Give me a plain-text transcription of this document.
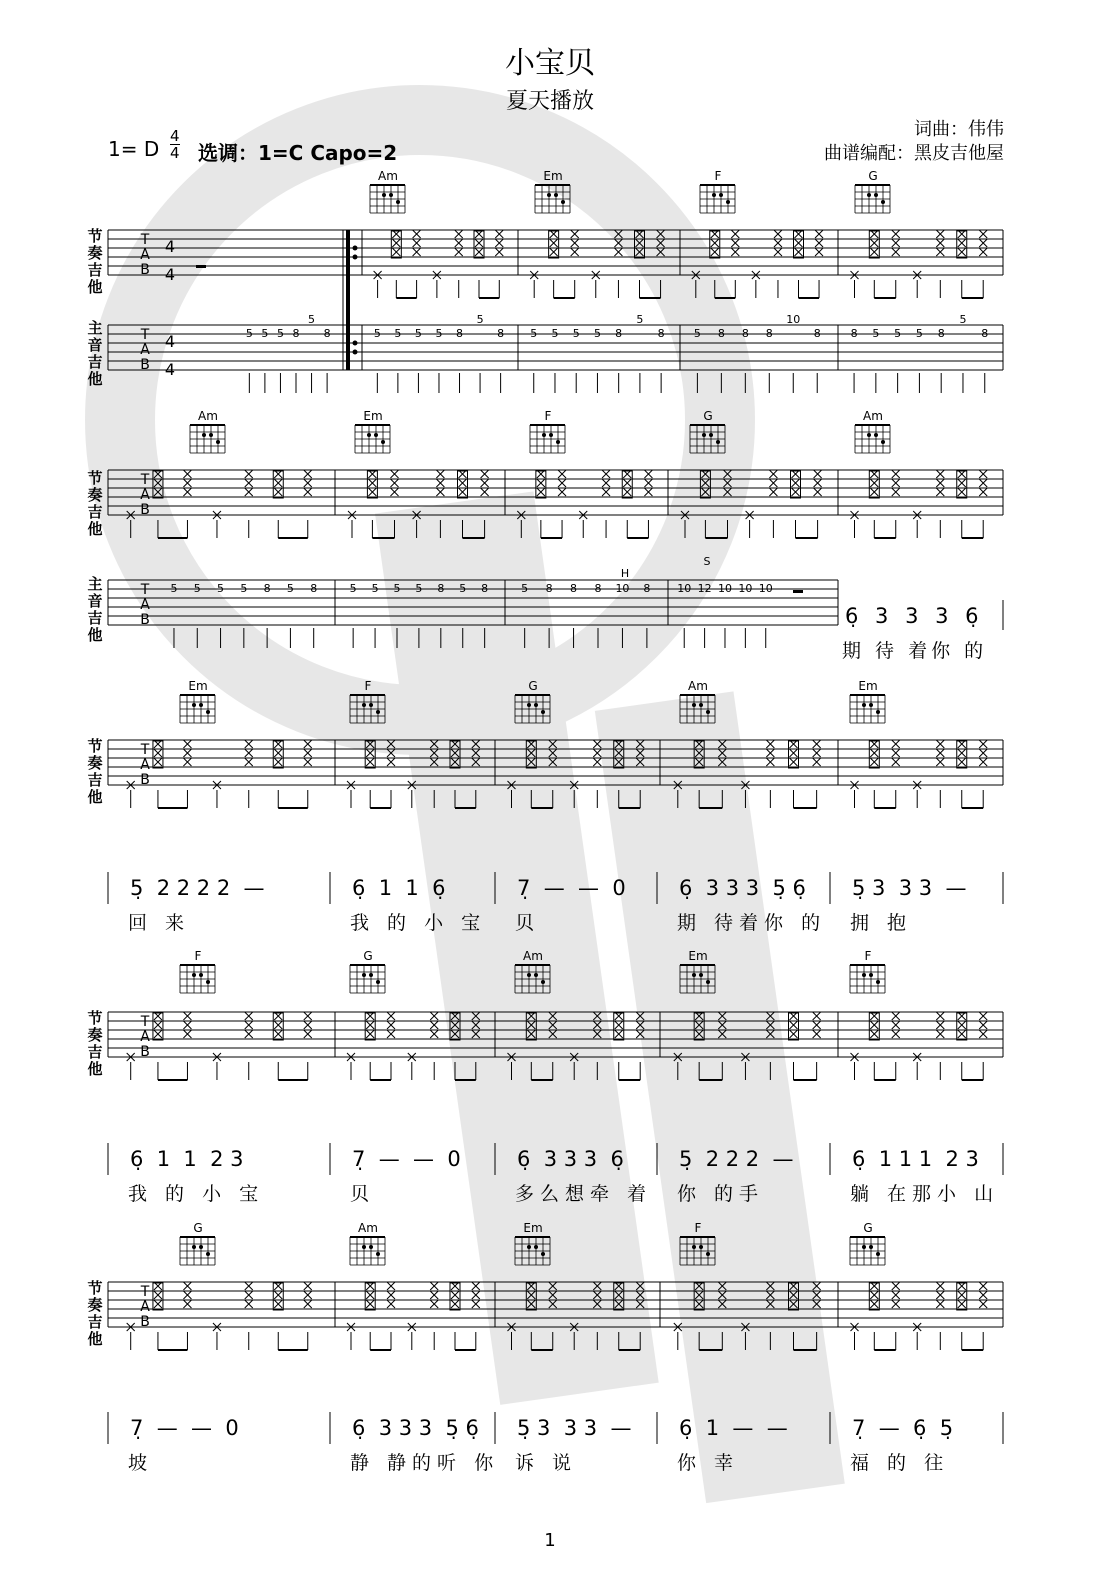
小宝贝
夏天播放
1= D
4
4 选调：1=C Capo=2
词曲：伟伟
曲谱编配：黑皮吉他屋
T
A
B
T
A
B
4
4
4
4
Am	Em	F	G
5 5 5 8
5
8	5 5 5 5 8
5
8 5 5 5 5 8
5
8	5 8 8 8
10
8	8 5 5 5 8
5
8
T
A
B
T
A
B
Am	Em	F	G	Am
5 5 5 5 8 5 8	5 5 5 5 8 5 8	5 8 8 8 10 8 10 12 10 10 10
H
S
T
A
B
Em	F	G	Am	Em
T
A
B
F	G	Am	Em	F
T
A
B
G	Am	Em	F	G
节奏吉他
主音吉他
节奏吉他
主音吉他
6̣ 3 3 3 6̣
期 待 着你 的
节奏吉他
5̣  2 2 2 2  —
回 来
6̣  1  1  6̣
我 的 小 宝
7̣  —  —  0
贝
6̣  3 3 3  5̣ 6̣
期 待着你 的
5̣ 3  3 3  —
拥 抱
节奏吉他
6̣  1  1  2 3
我 的 小 宝
7̣  —  —  0
贝
6̣  3 3 3  6̣
多么想牵 着
5̣  2 2 2  —
你 的手
6̣  1 1 1  2 3
躺 在那小 山
节奏吉他
7̣  —  —  0
坡
6̣  3 3 3  5̣ 6̣
静 静的听 你
5̣ 3  3 3  —
诉 说
6̣  1  —  —
你 幸
7̣  —  6̣  5̣
福 的 往
1
